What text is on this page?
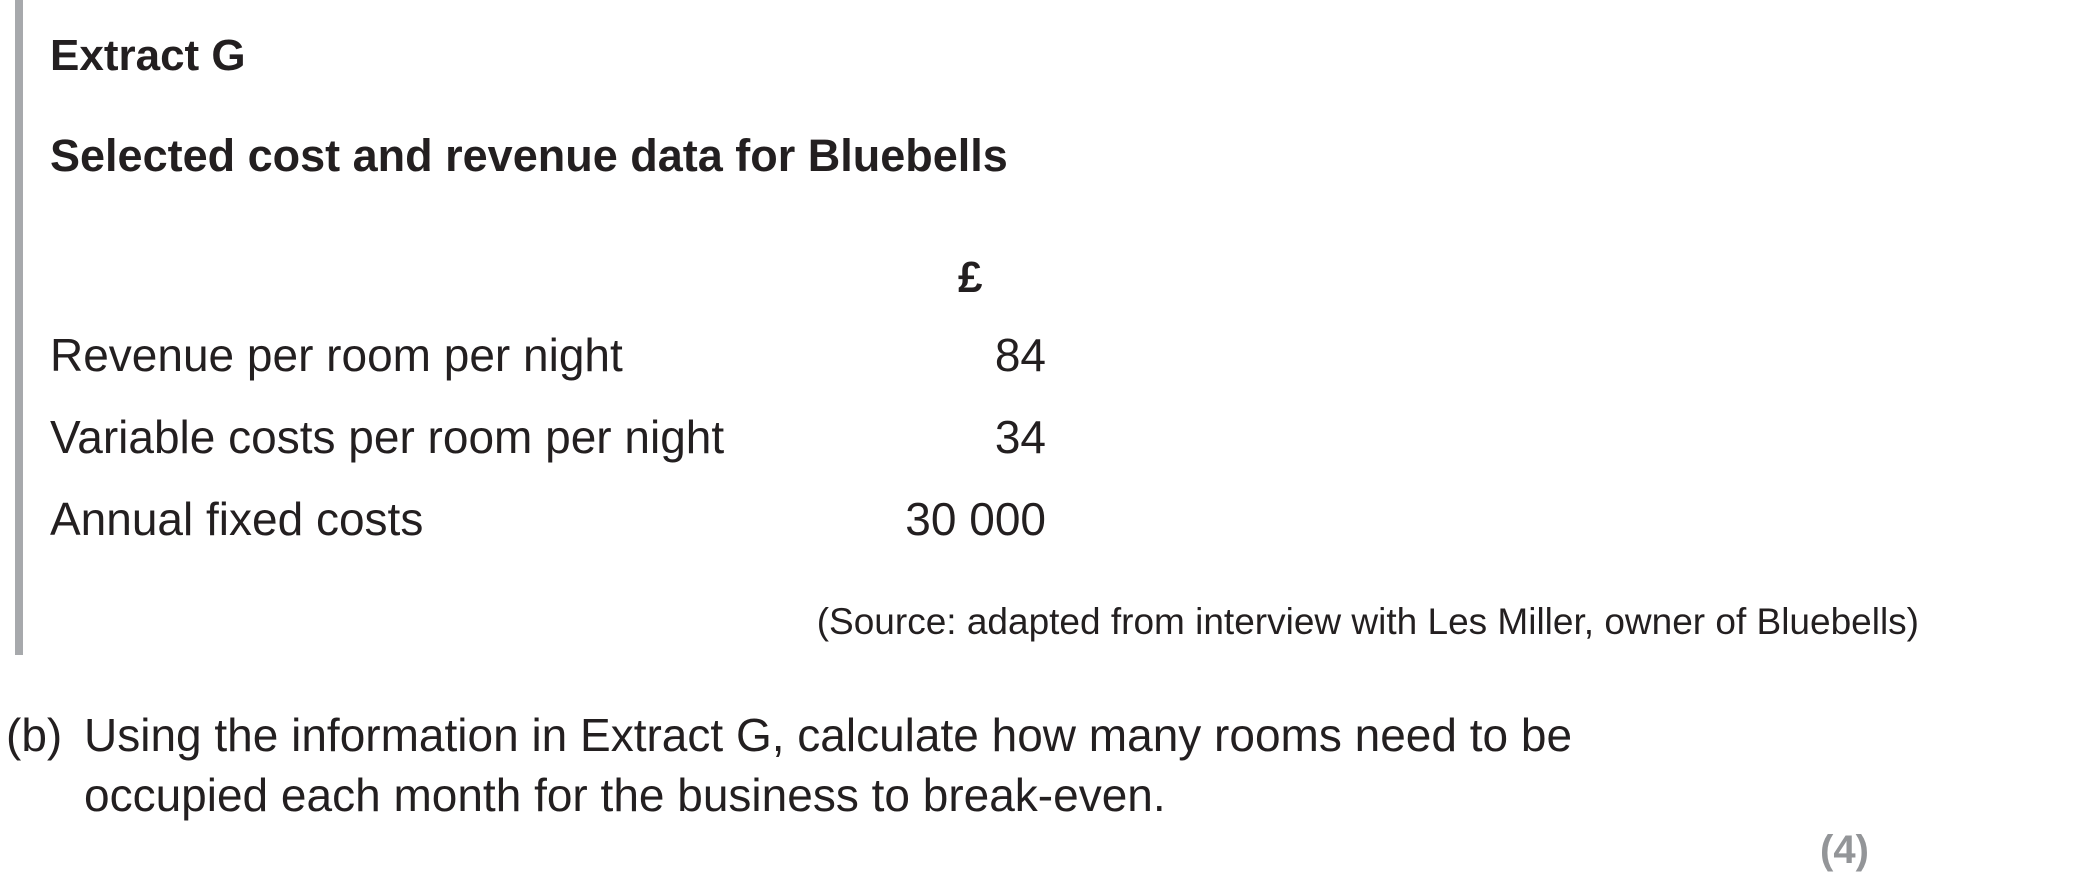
Extract G
Selected cost and revenue data for Bluebells
£
Revenue per room per night	84
Variable costs per room per night	34
Annual fixed costs	30 000
(Source: adapted from interview with Les Miller, owner of Bluebells)
(b) Using the information in Extract G, calculate how many rooms need to be
occupied each month for the business to break-even.
(4)
